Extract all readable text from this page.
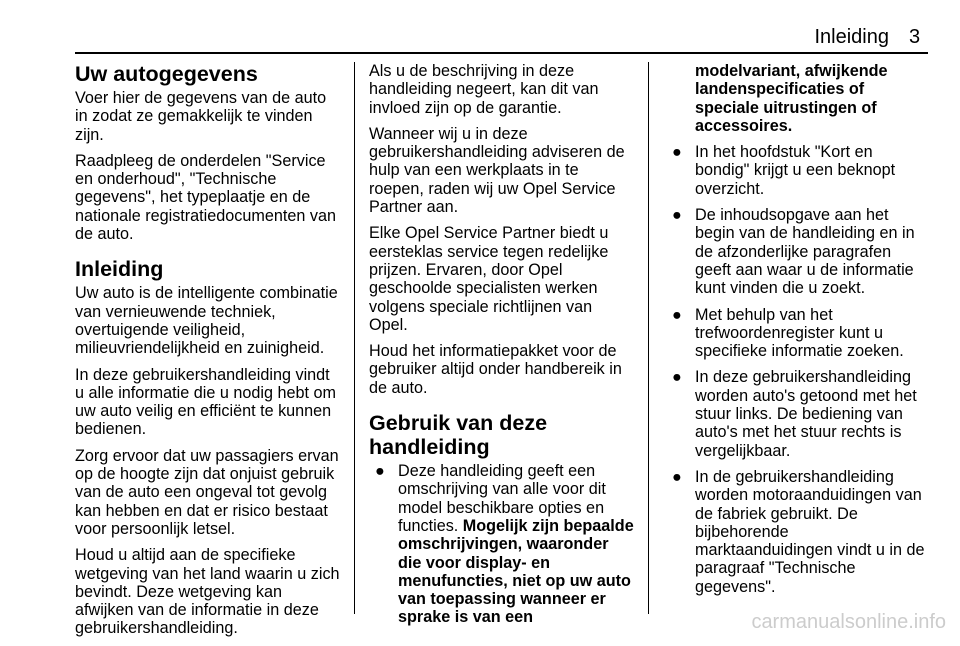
Inleiding 3
Uw autogegevens

Voer hier de gegevens van de auto in zodat ze gemakkelijk te vinden zijn.

Raadpleeg de onderdelen "Service en onderhoud", "Technische gegevens", het typeplaatje en de nationale registratiedocumenten van de auto.

Inleiding

Uw auto is de intelligente combinatie van vernieuwende techniek, overtuigende veiligheid, milieuvriendelijkheid en zuinigheid.

In deze gebruikershandleiding vindt u alle informatie die u nodig hebt om uw auto veilig en efficiënt te kunnen bedienen.

Zorg ervoor dat uw passagiers ervan op de hoogte zijn dat onjuist gebruik van de auto een ongeval tot gevolg kan hebben en dat er risico bestaat voor persoonlijk letsel.

Houd u altijd aan de specifieke wetgeving van het land waarin u zich bevindt. Deze wetgeving kan afwijken van de informatie in deze gebruikershandleiding.

Als u de beschrijving in deze handleiding negeert, kan dit van invloed zijn op de garantie.

Wanneer wij u in deze gebruikershandleiding adviseren de hulp van een werkplaats in te roepen, raden wij uw Opel Service Partner aan.

Elke Opel Service Partner biedt u eersteklas service tegen redelijke prijzen. Ervaren, door Opel geschoolde specialisten werken volgens speciale richtlijnen van Opel.

Houd het informatiepakket voor de gebruiker altijd onder handbereik in de auto.

Gebruik van deze handleiding
● Deze handleiding geeft een omschrijving van alle voor dit model beschikbare opties en functies. Mogelijk zijn bepaalde omschrijvingen, waaronder die voor display- en menufuncties, niet op uw auto van toepassing wanneer er sprake is van een
modelvariant, afwijkende landenspecificaties of speciale uitrustingen of accessoires.
● In het hoofdstuk "Kort en bondig" krijgt u een beknopt overzicht.
● De inhoudsopgave aan het begin van de handleiding en in de afzonderlijke paragrafen geeft aan waar u de informatie kunt vinden die u zoekt.
● Met behulp van het trefwoordenregister kunt u specifieke informatie zoeken.
● In deze gebruikershandleiding worden auto's getoond met het stuur links. De bediening van auto's met het stuur rechts is vergelijkbaar.
● In de gebruikershandleiding worden motoraanduidingen van de fabriek gebruikt. De bijbehorende marktaanduidingen vindt u in de paragraaf "Technische gegevens".
carmanualsonline.info
